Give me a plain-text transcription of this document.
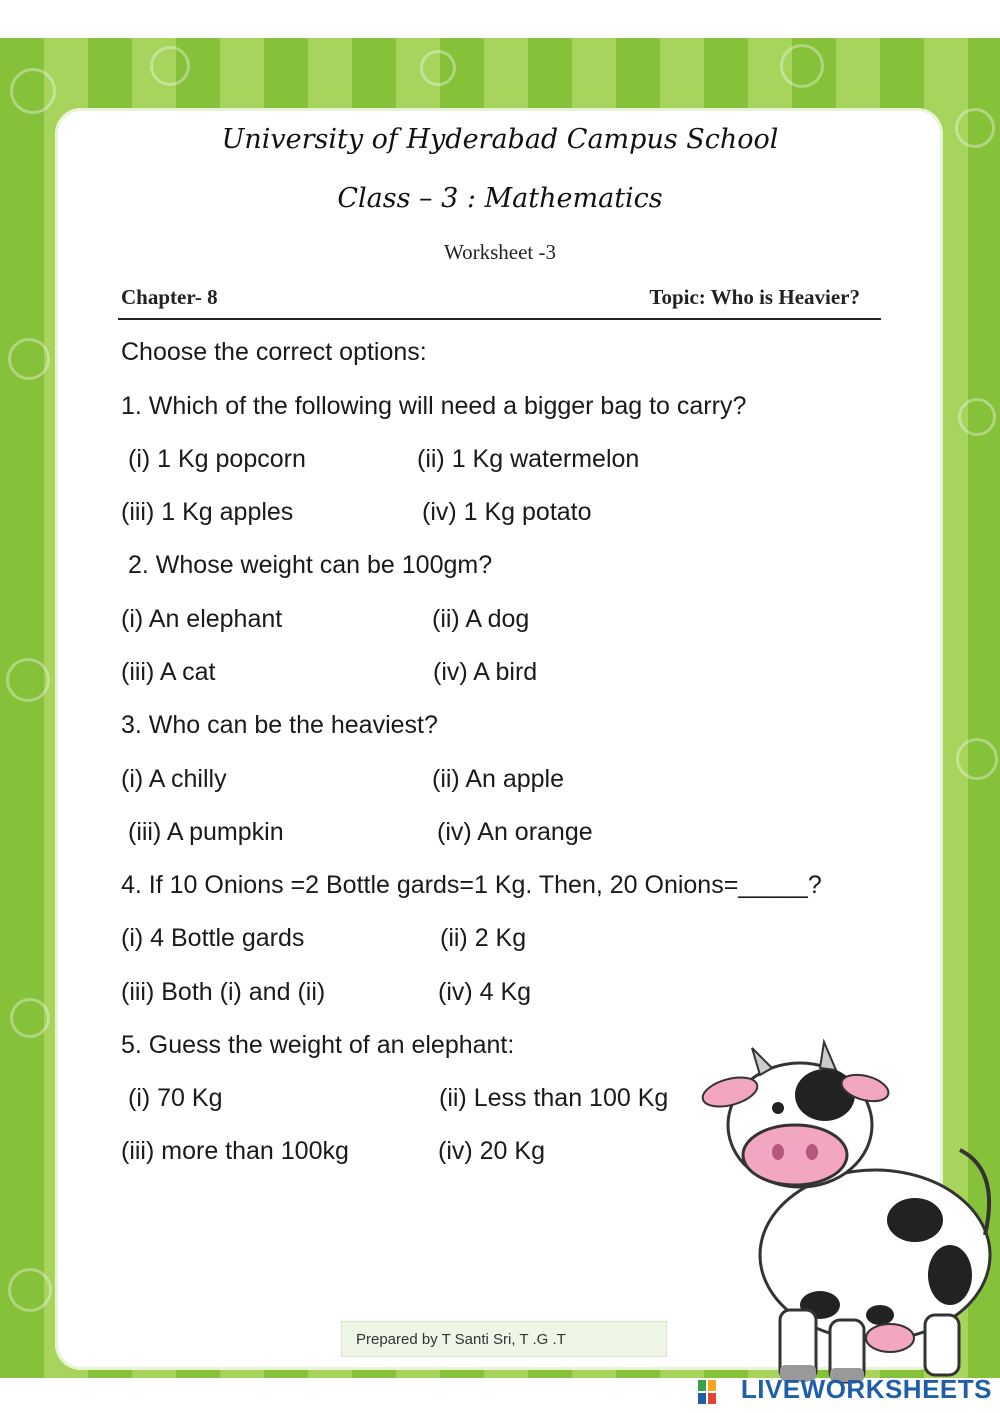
University of Hyderabad Campus School
Class – 3 : Mathematics
Worksheet -3
Chapter- 8	Topic: Who is Heavier?
Choose the correct options:
1. Which of the following will need a bigger bag to carry?
(i) 1 Kg popcorn	(ii) 1 Kg watermelon
(iii) 1 Kg apples	(iv) 1 Kg potato
2. Whose weight can be 100gm?
(i) An elephant	(ii) A dog
(iii) A cat	(iv) A bird
3. Who can be the heaviest?
(i) A chilly	(ii) An apple
(iii) A pumpkin	(iv) An orange
4. If 10 Onions =2 Bottle gards=1 Kg. Then, 20 Onions=_____?
(i) 4 Bottle gards	(ii) 2 Kg
(iii) Both (i) and (ii)	(iv) 4 Kg
5. Guess the weight of an elephant:
(i) 70 Kg	(ii) Less than 100 Kg
(iii) more than 100kg	(iv) 20 Kg
Prepared by T Santi Sri, T .G .T
LIVEWORKSHEETS
